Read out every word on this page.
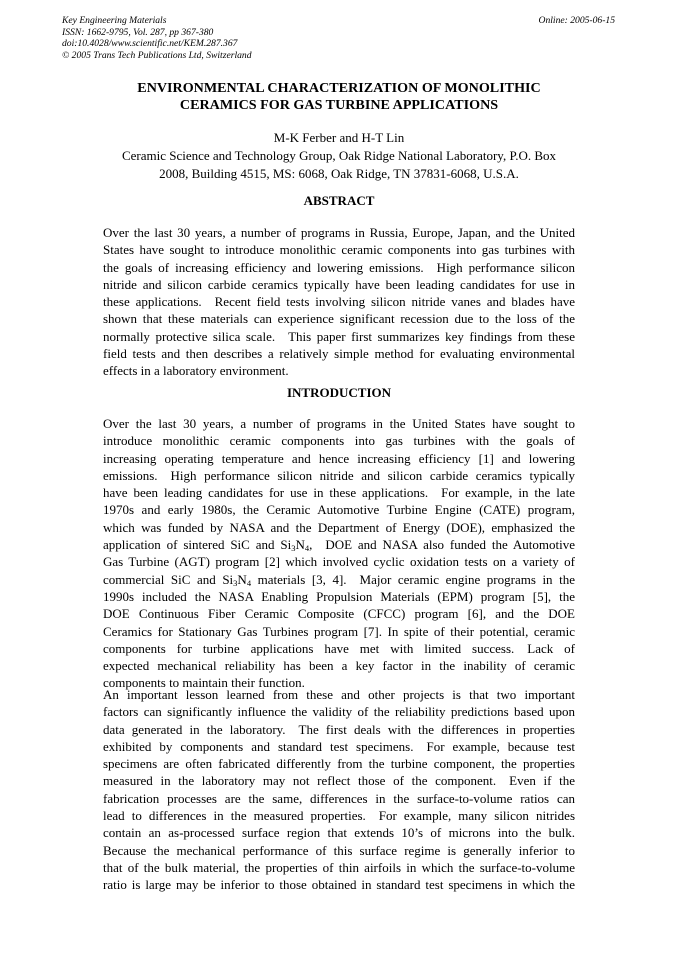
Key Engineering Materials
ISSN: 1662-9795, Vol. 287, pp 367-380
doi:10.4028/www.scientific.net/KEM.287.367
© 2005 Trans Tech Publications Ltd, Switzerland
Online: 2005-06-15
ENVIRONMENTAL CHARACTERIZATION OF MONOLITHIC
CERAMICS FOR GAS TURBINE APPLICATIONS
M-K Ferber and H-T Lin
Ceramic Science and Technology Group, Oak Ridge National Laboratory, P.O. Box
2008, Building 4515, MS: 6068, Oak Ridge, TN 37831-6068, U.S.A.
ABSTRACT
Over the last 30 years, a number of programs in Russia, Europe, Japan, and the United
States have sought to introduce monolithic ceramic components into gas turbines with
the goals of increasing efficiency and lowering emissions. High performance silicon
nitride and silicon carbide ceramics typically have been leading candidates for use in
these applications. Recent field tests involving silicon nitride vanes and blades have
shown that these materials can experience significant recession due to the loss of the
normally protective silica scale. This paper first summarizes key findings from these
field tests and then describes a relatively simple method for evaluating environmental
effects in a laboratory environment.
INTRODUCTION
Over the last 30 years, a number of programs in the United States have sought to
introduce monolithic ceramic components into gas turbines with the goals of
increasing operating temperature and hence increasing efficiency [1] and lowering
emissions. High performance silicon nitride and silicon carbide ceramics typically
have been leading candidates for use in these applications. For example, in the late
1970s and early 1980s, the Ceramic Automotive Turbine Engine (CATE) program,
which was funded by NASA and the Department of Energy (DOE), emphasized the
application of sintered SiC and $Si_3N_4$, DOE and NASA also funded the Automotive
Gas Turbine (AGT) program [2] which involved cyclic oxidation tests on a variety of
commercial SiC and $Si_3N_4$ materials [3, 4]. Major ceramic engine programs in the
1990s included the NASA Enabling Propulsion Materials (EPM) program [5], the
DOE Continuous Fiber Ceramic Composite (CFCC) program [6], and the DOE
Ceramics for Stationary Gas Turbines program [7]. In spite of their potential, ceramic
components for turbine applications have met with limited success. Lack of
expected mechanical reliability has been a key factor in the inability of ceramic
components to maintain their function.
An important lesson learned from these and other projects is that two important
factors can significantly influence the validity of the reliability predictions based upon
data generated in the laboratory. The first deals with the differences in properties
exhibited by components and standard test specimens. For example, because test
specimens are often fabricated differently from the turbine component, the properties
measured in the laboratory may not reflect those of the component. Even if the
fabrication processes are the same, differences in the surface-to-volume ratios can
lead to differences in the measured properties. For example, many silicon nitrides
contain an as-processed surface region that extends 10’s of microns into the bulk.
Because the mechanical performance of this surface regime is generally inferior to
that of the bulk material, the properties of thin airfoils in which the surface-to-volume
ratio is large may be inferior to those obtained in standard test specimens in which the
